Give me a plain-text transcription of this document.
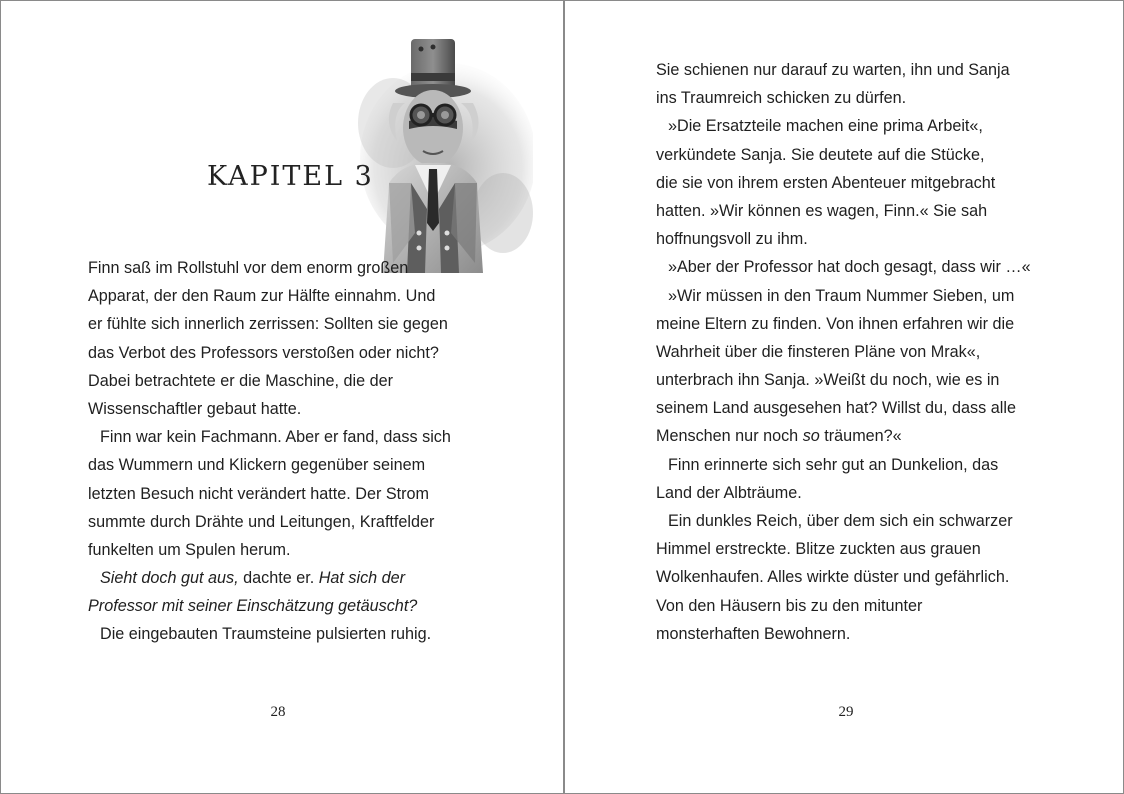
KAPITEL 3
Finn saß im Rollstuhl vor dem enorm großen
Apparat, der den Raum zur Hälfte einnahm. Und
er fühlte sich innerlich zerrissen: Sollten sie gegen
das Verbot des Professors verstoßen oder nicht?
Dabei betrachtete er die Maschine, die der
Wissenschaftler gebaut hatte.
Finn war kein Fachmann. Aber er fand, dass sich
das Wummern und Klickern gegenüber seinem
letzten Besuch nicht verändert hatte. Der Strom
summte durch Drähte und Leitungen, Kraftfelder
funkelten um Spulen herum.
Sieht doch gut aus, dachte er. Hat sich der
Professor mit seiner Einschätzung getäuscht?
Die eingebauten Traumsteine pulsierten ruhig.
28
Sie schienen nur darauf zu warten, ihn und Sanja
ins Traumreich schicken zu dürfen.
»Die Ersatzteile machen eine prima Arbeit«,
verkündete Sanja. Sie deutete auf die Stücke,
die sie von ihrem ersten Abenteuer mitgebracht
hatten. »Wir können es wagen, Finn.« Sie sah
hoffnungsvoll zu ihm.
»Aber der Professor hat doch gesagt, dass wir …«
»Wir müssen in den Traum Nummer Sieben, um
meine Eltern zu finden. Von ihnen erfahren wir die
Wahrheit über die finsteren Pläne von Mrak«,
unterbrach ihn Sanja. »Weißt du noch, wie es in
seinem Land ausgesehen hat? Willst du, dass alle
Menschen nur noch so träumen?«
Finn erinnerte sich sehr gut an Dunkelion, das
Land der Albträume.
Ein dunkles Reich, über dem sich ein schwarzer
Himmel erstreckte. Blitze zuckten aus grauen
Wolkenhaufen. Alles wirkte düster und gefährlich.
Von den Häusern bis zu den mitunter
monsterhaften Bewohnern.
29
